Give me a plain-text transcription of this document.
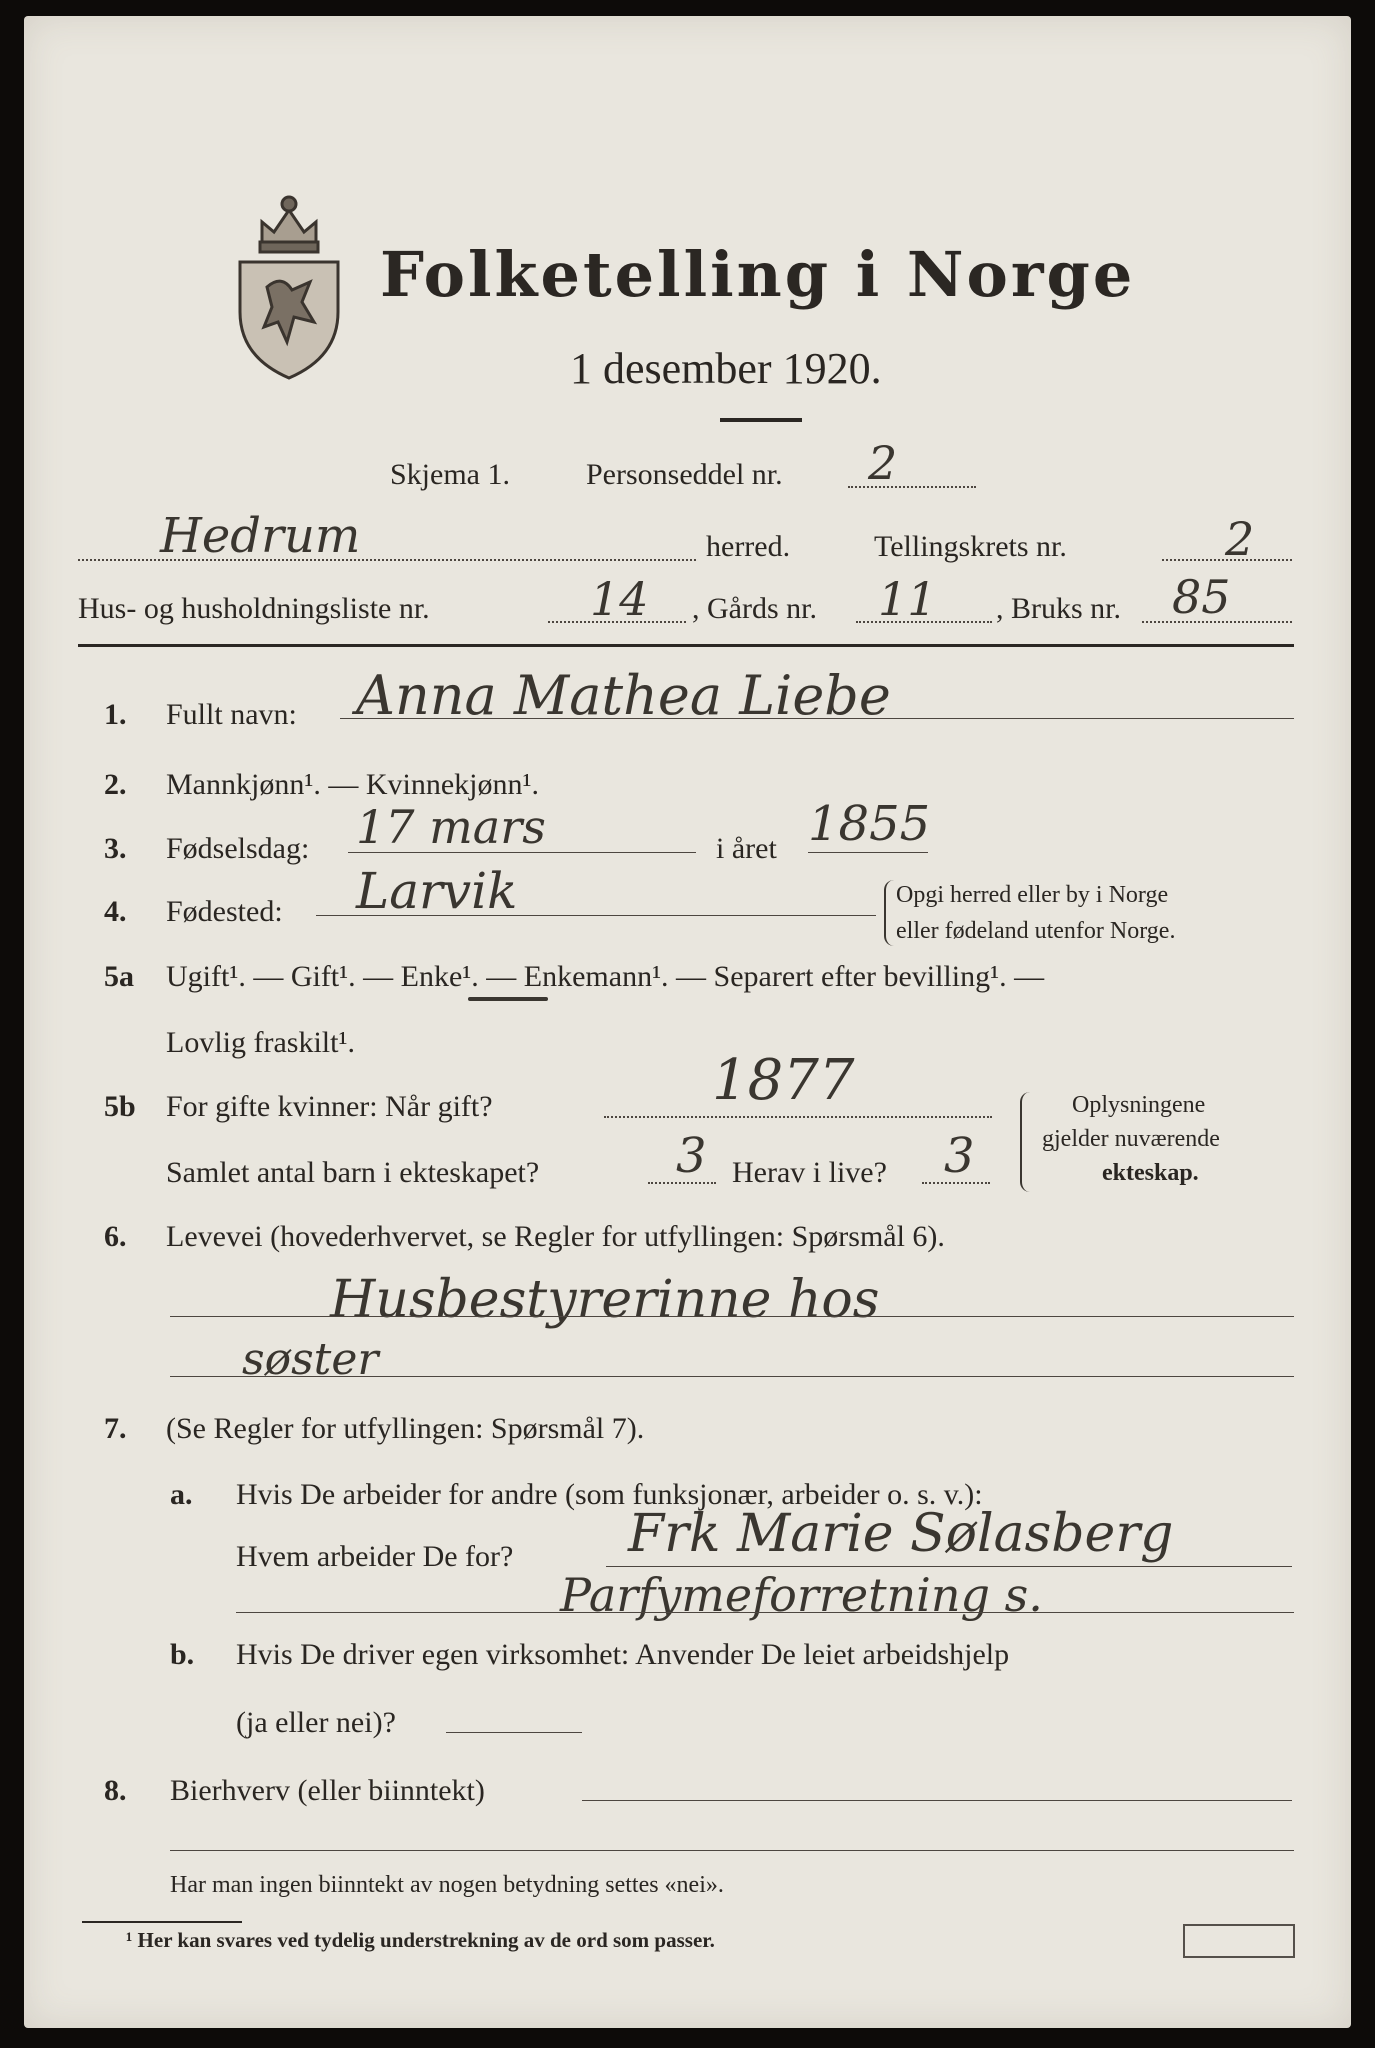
Folketelling i Norge
1 desember 1920.
Skjema 1.	Personseddel nr. 2
Hedrum	herred.	Tellingskrets nr.	2
Hus- og husholdningsliste nr.	14 , Gårds nr. 11 , Bruks nr. 85
1. Fullt navn: Anna Mathea Liebe
2. Mannkjønn¹. — Kvinnekjønn¹.
3. Fødselsdag: 17 mars	i året 1855
4. Fødested: Larvik	Opgi herred eller by i Norge
eller fødeland utenfor Norge.
5a Ugift¹. — Gift¹. — Enke¹. — Enkemann¹. — Separert efter bevilling¹. —
Lovlig fraskilt¹.
5b For gifte kvinner: Når gift?	1877
Samlet antal barn i ekteskapet?	3 Herav i live? 3
Oplysningene
gjelder nuværende
ekteskap.
6. Levevei (hovederhvervet, se Regler for utfyllingen: Spørsmål 6).
Husbestyrerinne hos
søster
7. (Se Regler for utfyllingen: Spørsmål 7).
a. Hvis De arbeider for andre (som funksjonær, arbeider o. s. v.):
Hvem arbeider De for? Frk Marie Sølasberg
Parfymeforretning s.
b. Hvis De driver egen virksomhet: Anvender De leiet arbeidshjelp
(ja eller nei)?
8. Bierhverv (eller biinntekt)
Har man ingen biinntekt av nogen betydning settes «nei».
¹ Her kan svares ved tydelig understrekning av de ord som passer.
